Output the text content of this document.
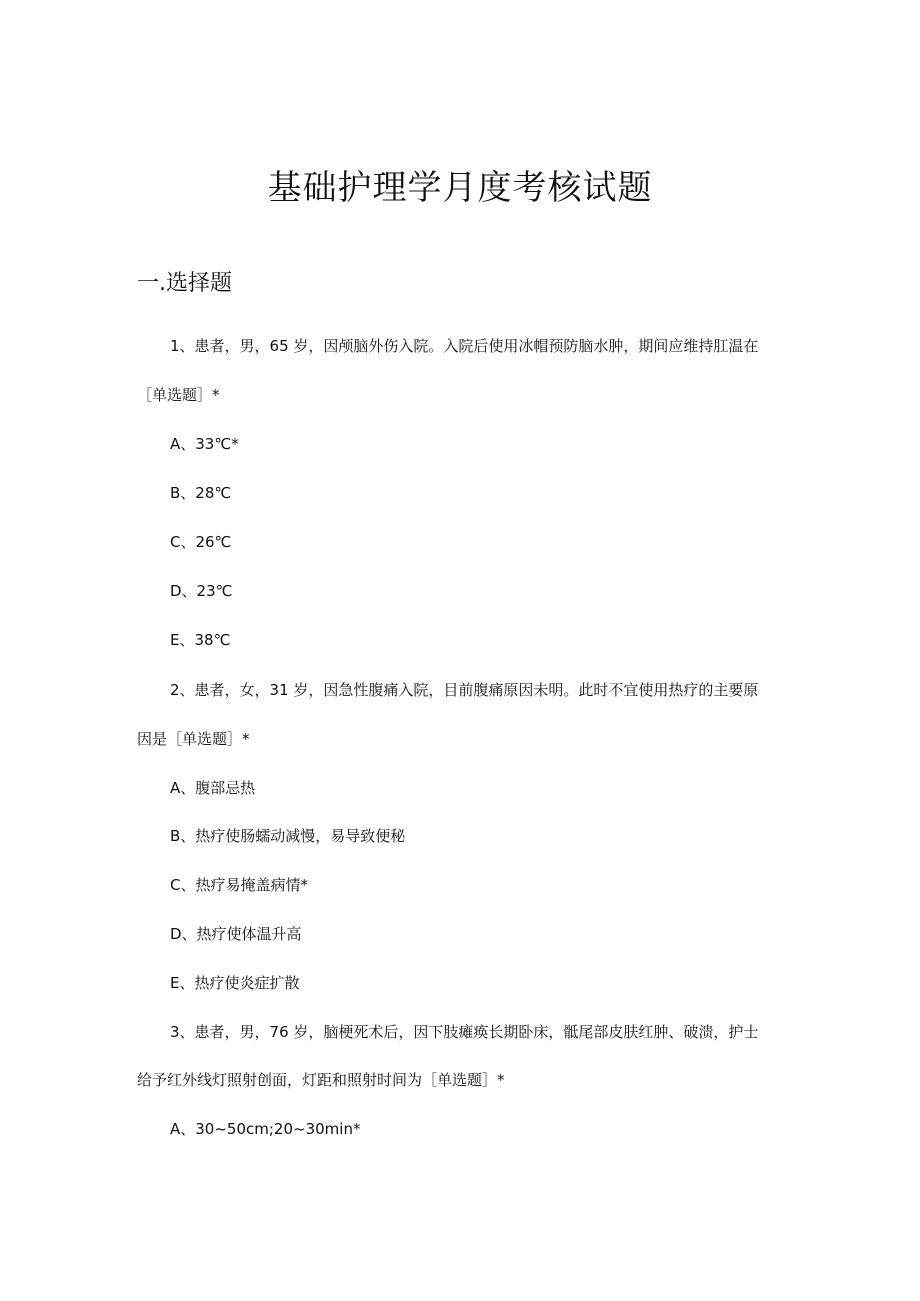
基础护理学月度考核试题
一.选择题

1、患者，男，65 岁，因颅脑外伤入院。入院后使用冰帽预防脑水肿，期间应维持肛温在

［单选题］*

A、33℃*

B、28℃

C、26℃

D、23℃

E、38℃

2、患者，女，31 岁，因急性腹痛入院，目前腹痛原因未明。此时不宜使用热疗的主要原

因是［单选题］*

A、腹部忌热

B、热疗使肠蠕动减慢，易导致便秘

C、热疗易掩盖病情*

D、热疗使体温升高

E、热疗使炎症扩散

3、患者，男，76 岁，脑梗死术后，因下肢瘫痪长期卧床，骶尾部皮肤红肿、破溃，护士

给予红外线灯照射创面，灯距和照射时间为［单选题］*

A、30~50cm;20~30min*
